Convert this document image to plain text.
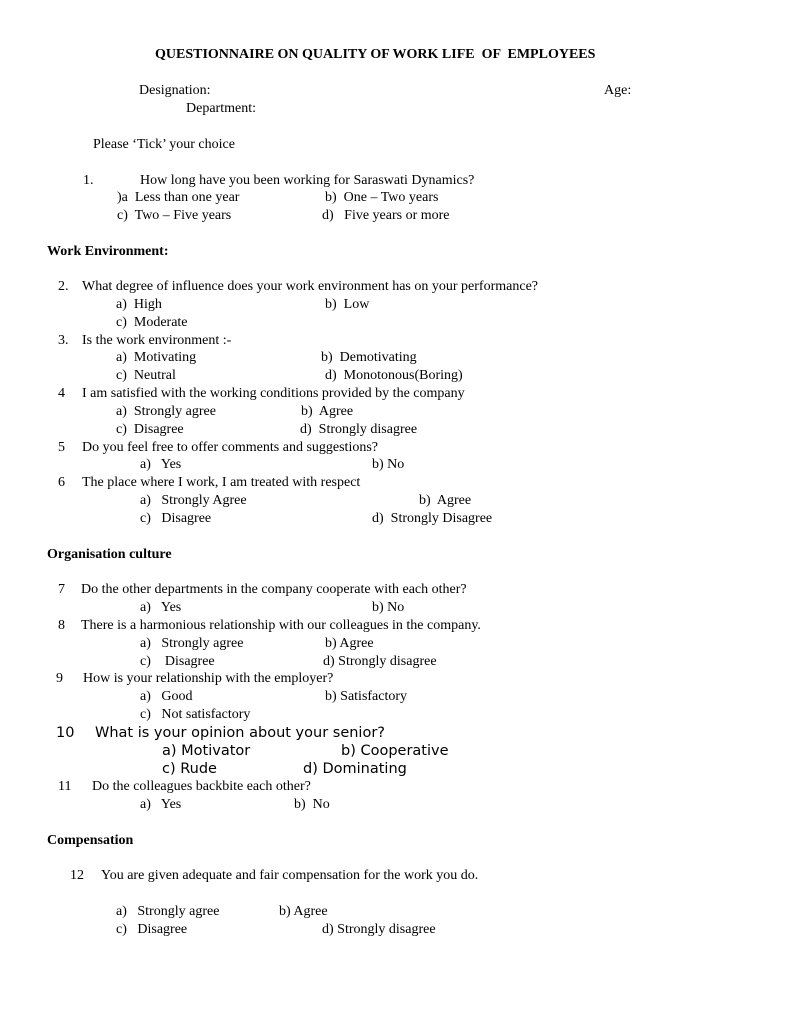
QUESTIONNAIRE ON QUALITY OF WORK LIFE  OF  EMPLOYEES
Designation:	Age:
Department:
Please ‘Tick’ your choice
1.	How long have you been working for Saraswati Dynamics?
)a  Less than one year	b)  One – Two years
c)  Two – Five years	d)   Five years or more
Work Environment:
2. What degree of influence does your work environment has on your performance?
a)  High	b)  Low
c)  Moderate
3. Is the work environment :-
a)  Motivating	b)  Demotivating
c)  Neutral	d)  Monotonous(Boring)
4 I am satisfied with the working conditions provided by the company
a)  Strongly agree	b)  Agree
c)  Disagree	d)  Strongly disagree
5 Do you feel free to offer comments and suggestions?
a)   Yes	b) No
6 The place where I work, I am treated with respect
a)   Strongly Agree	b)  Agree
c)   Disagree	d)  Strongly Disagree
Organisation culture
7 Do the other departments in the company cooperate with each other?
a)   Yes	b) No
8 There is a harmonious relationship with our colleagues in the company.
a)   Strongly agree	b) Agree
c)    Disagree	d) Strongly disagree
9 How is your relationship with the employer?
a)   Good	b) Satisfactory
c)   Not satisfactory
10 What is your opinion about your senior?
a) Motivator	b) Cooperative
c) Rude	d) Dominating
11 Do the colleagues backbite each other?
a)   Yes	b)  No
Compensation
12 You are given adequate and fair compensation for the work you do.
a)   Strongly agree	b) Agree
c)   Disagree	d) Strongly disagree
